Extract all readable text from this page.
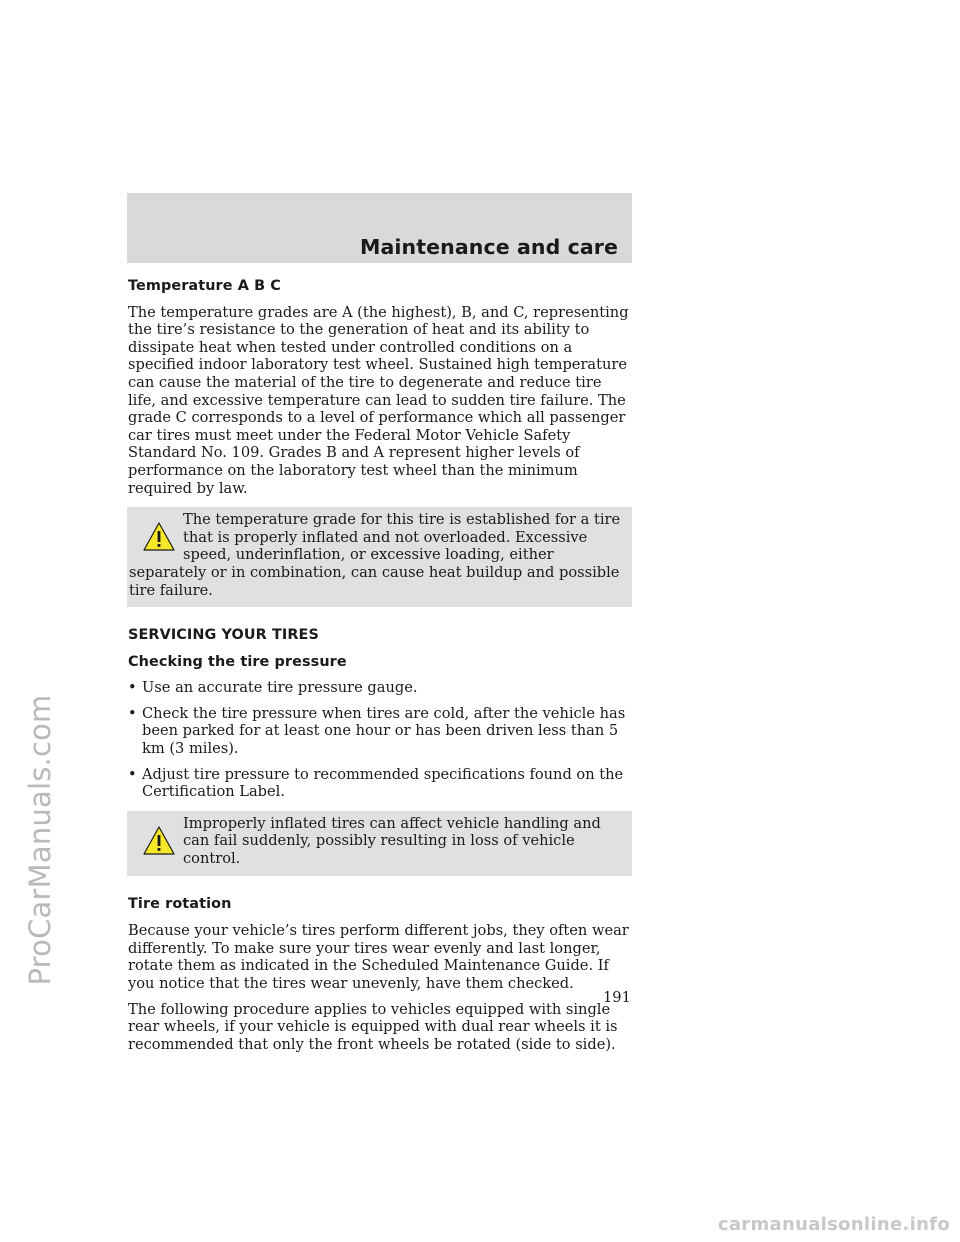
ProCarManuals.com
Maintenance and care
Temperature A B C

The temperature grades are A (the highest), B, and C, representing the tire’s resistance to the generation of heat and its ability to dissipate heat when tested under controlled conditions on a specified indoor laboratory test wheel. Sustained high temperature can cause the material of the tire to degenerate and reduce tire life, and excessive temperature can lead to sudden tire failure. The grade C corresponds to a level of performance which all passenger car tires must meet under the Federal Motor Vehicle Safety Standard No. 109. Grades B and A represent higher levels of performance on the laboratory test wheel than the minimum required by law.

The temperature grade for this tire is established for a tire that is properly inflated and not overloaded. Excessive speed, underinflation, or excessive loading, either separately or in combination, can cause heat buildup and possible tire failure.

SERVICING YOUR TIRES
Checking the tire pressure
• Use an accurate tire pressure gauge.
• Check the tire pressure when tires are cold, after the vehicle has been parked for at least one hour or has been driven less than 5 km (3 miles).
• Adjust tire pressure to recommended specifications found on the Certification Label.

Improperly inflated tires can affect vehicle handling and can fail suddenly, possibly resulting in loss of vehicle control.

Tire rotation

Because your vehicle’s tires perform different jobs, they often wear differently. To make sure your tires wear evenly and last longer, rotate them as indicated in the Scheduled Maintenance Guide. If you notice that the tires wear unevenly, have them checked.

The following procedure applies to vehicles equipped with single rear wheels, if your vehicle is equipped with dual rear wheels it is recommended that only the front wheels be rotated (side to side).

191
carmanualsonline.info
